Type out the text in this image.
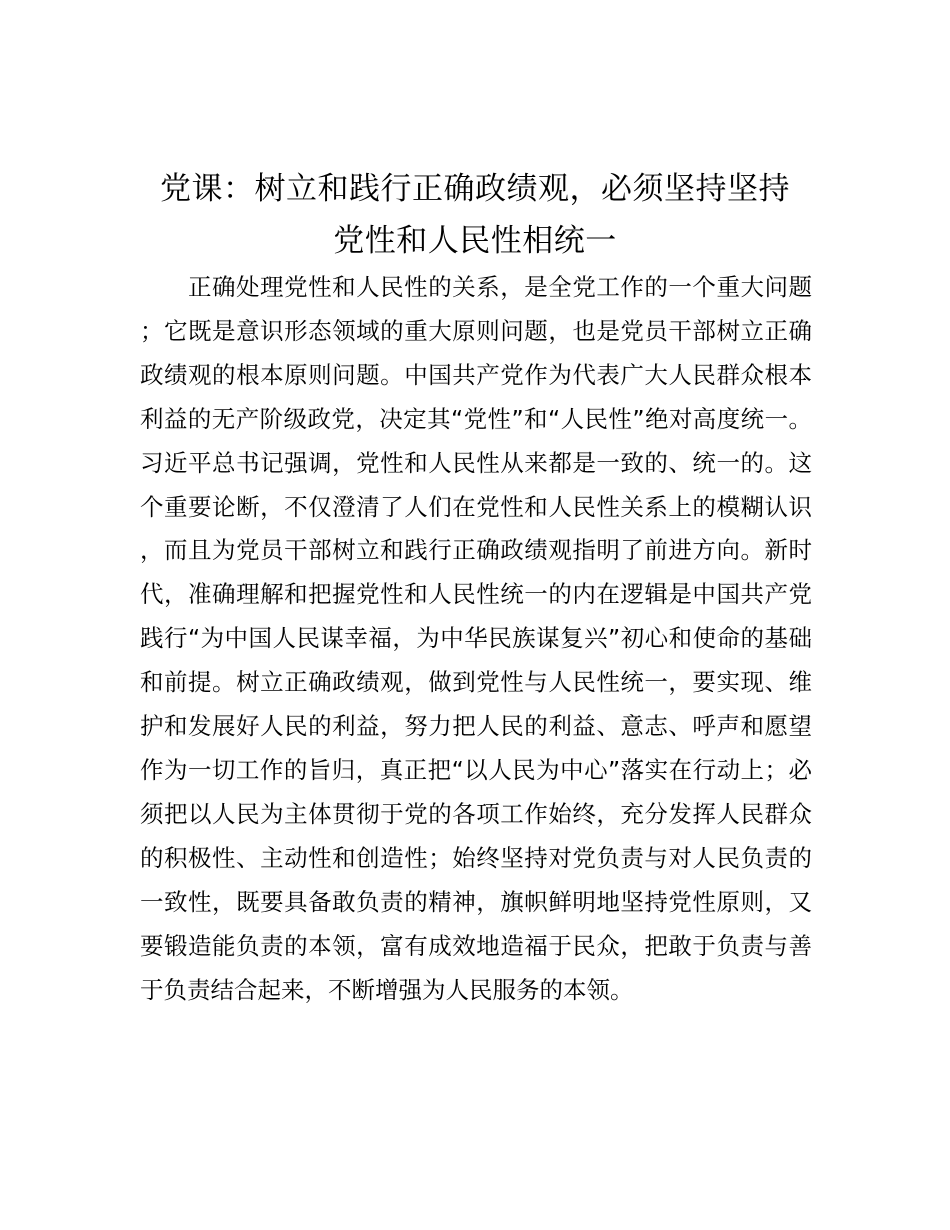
党课：树立和践行正确政绩观，必须坚持坚持
党性和人民性相统一

正确处理党性和人民性的关系，是全党工作的一个重大问题；它既是意识形态领域的重大原则问题，也是党员干部树立正确政绩观的根本原则问题。中国共产党作为代表广大人民群众根本利益的无产阶级政党，决定其“党性”和“人民性”绝对高度统一。习近平总书记强调，党性和人民性从来都是一致的、统一的。这个重要论断，不仅澄清了人们在党性和人民性关系上的模糊认识，而且为党员干部树立和践行正确政绩观指明了前进方向。新时代，准确理解和把握党性和人民性统一的内在逻辑是中国共产党践行“为中国人民谋幸福，为中华民族谋复兴”初心和使命的基础和前提。树立正确政绩观，做到党性与人民性统一，要实现、维护和发展好人民的利益，努力把人民的利益、意志、呼声和愿望作为一切工作的旨归，真正把“以人民为中心”落实在行动上；必须把以人民为主体贯彻于党的各项工作始终，充分发挥人民群众的积极性、主动性和创造性；始终坚持对党负责与对人民负责的一致性，既要具备敢负责的精神，旗帜鲜明地坚持党性原则，又要锻造能负责的本领，富有成效地造福于民众，把敢于负责与善于负责结合起来，不断增强为人民服务的本领。
